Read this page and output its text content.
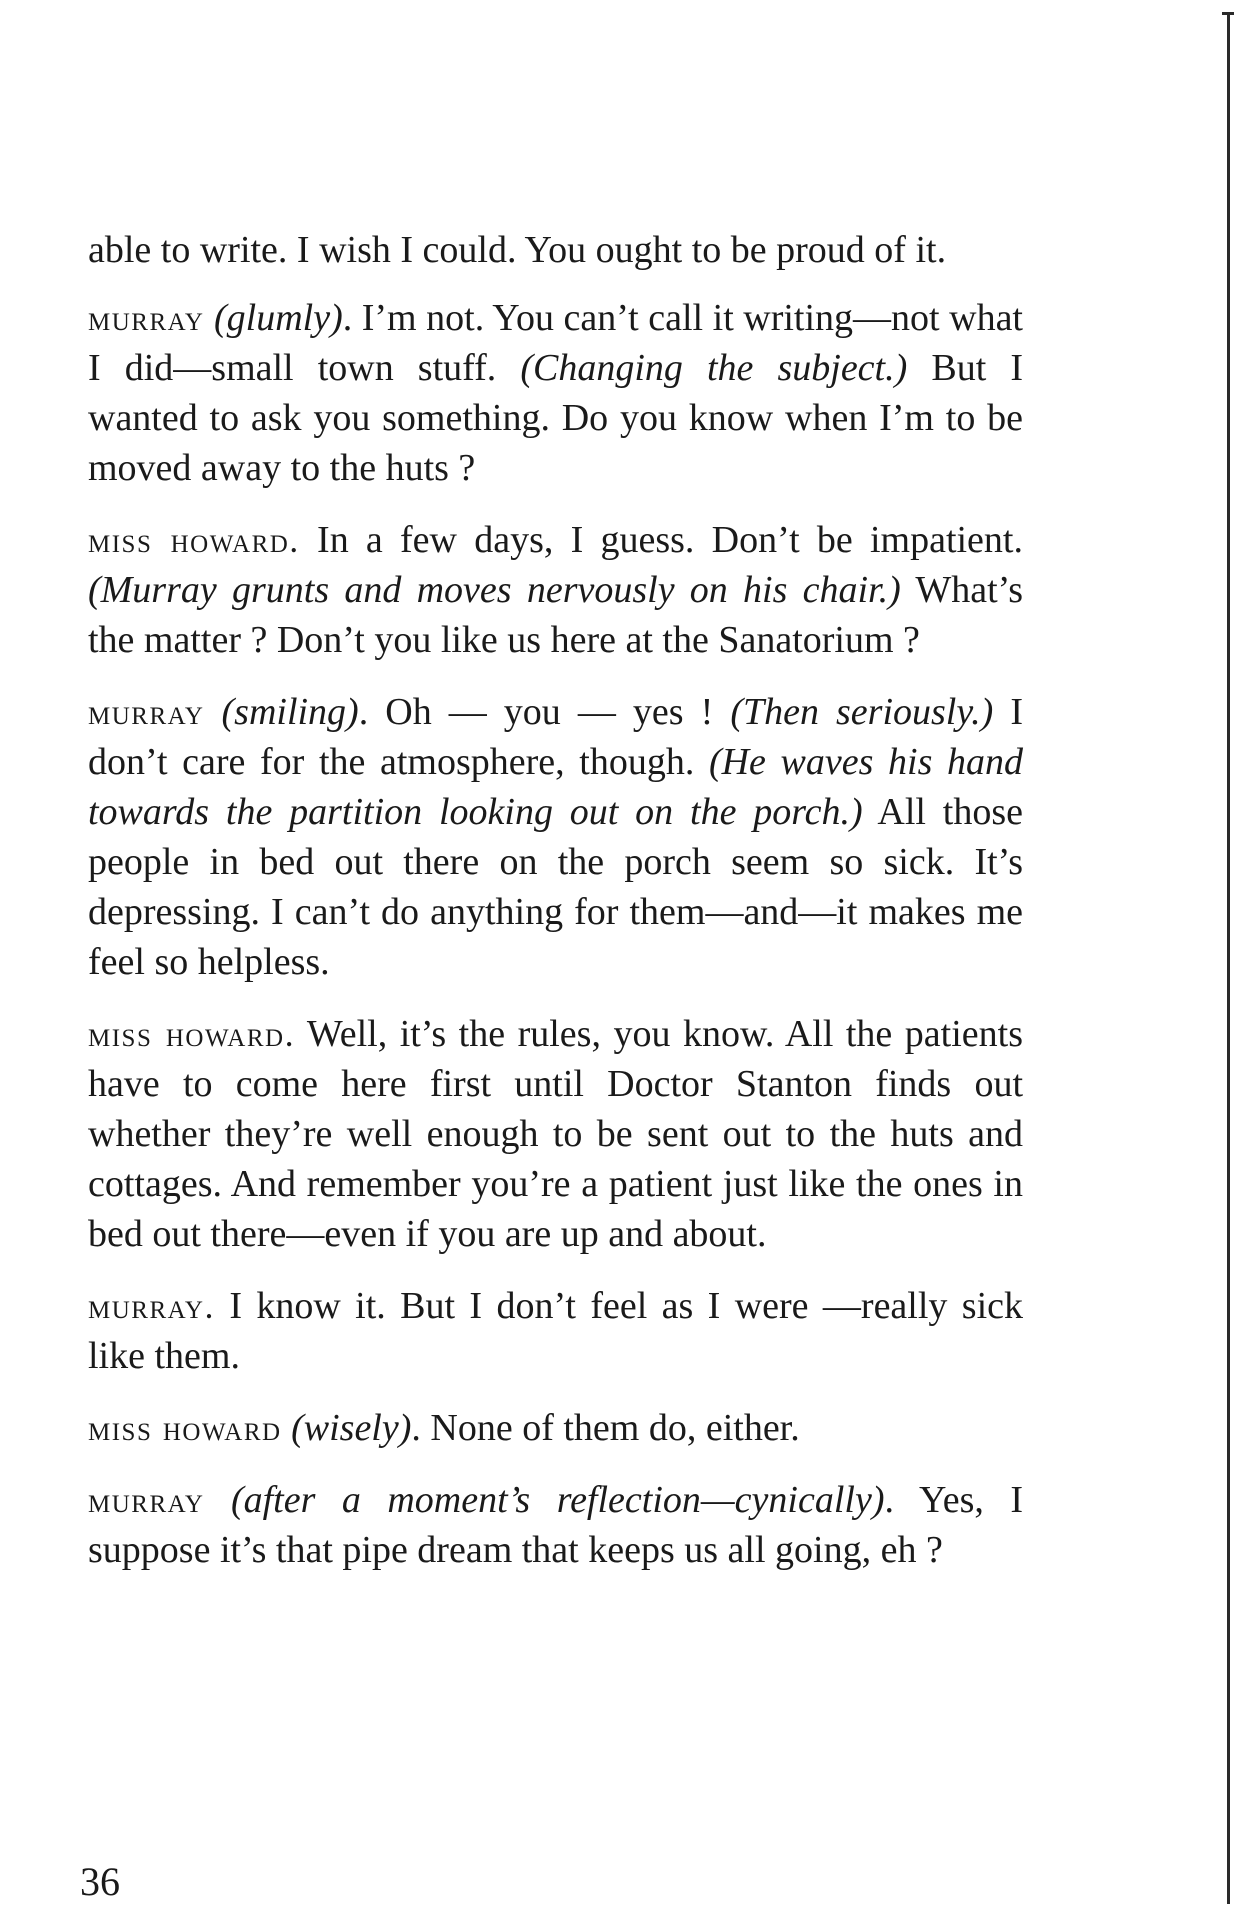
able to write. I wish I could. You ought to be proud of it.

murray (glumly). I’m not. You can’t call it writing—not what I did—small town stuff. (Changing the subject.) But I wanted to ask you something. Do you know when I’m to be moved away to the huts ?

miss howard. In a few days, I guess. Don’t be impatient. (Murray grunts and moves nervously on his chair.) What’s the matter ? Don’t you like us here at the Sanatorium ?

murray (smiling). Oh — you — yes ! (Then seriously.) I don’t care for the atmosphere, though. (He waves his hand towards the partition looking out on the porch.) All those people in bed out there on the porch seem so sick. It’s depressing. I can’t do anything for them—and—it makes me feel so helpless.

miss howard. Well, it’s the rules, you know. All the patients have to come here first until Doctor Stanton finds out whether they’re well enough to be sent out to the huts and cottages. And remember you’re a patient just like the ones in bed out there—even if you are up and about.

murray. I know it. But I don’t feel as I were —really sick like them.

miss howard (wisely). None of them do, either.

murray (after a moment’s reflection—cynically). Yes, I suppose it’s that pipe dream that keeps us all going, eh ?

36
